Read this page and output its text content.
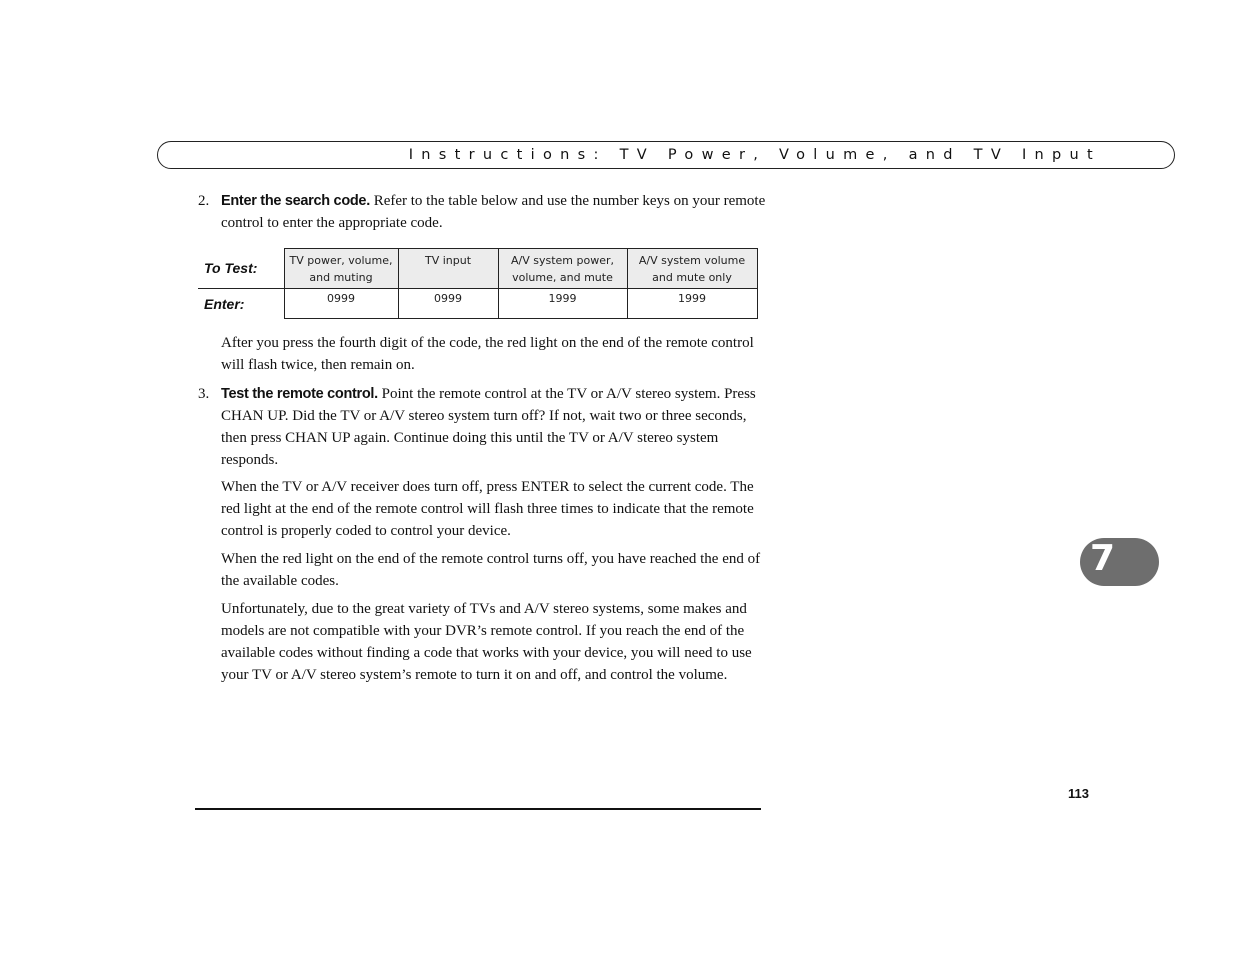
Instructions: TV Power, Volume, and TV Input
2. Enter the search code. Refer to the table below and use the number keys on your remote control to enter the appropriate code.
To Test:	TV power, volume, and muting	TV input	A/V system power, volume, and mute	A/V system volume and mute only
Enter:	0999	0999	1999	1999
After you press the fourth digit of the code, the red light on the end of the remote control will flash twice, then remain on.
3. Test the remote control. Point the remote control at the TV or A/V stereo system. Press CHAN UP. Did the TV or A/V stereo system turn off? If not, wait two or three seconds, then press CHAN UP again. Continue doing this until the TV or A/V stereo system responds.
When the TV or A/V receiver does turn off, press ENTER to select the current code. The red light at the end of the remote control will flash three times to indicate that the remote control is properly coded to control your device.
When the red light on the end of the remote control turns off, you have reached the end of the available codes.
Unfortunately, due to the great variety of TVs and A/V stereo systems, some makes and models are not compatible with your DVR’s remote control. If you reach the end of the available codes without finding a code that works with your device, you will need to use your TV or A/V stereo system’s remote to turn it on and off, and control the volume.
113
7
